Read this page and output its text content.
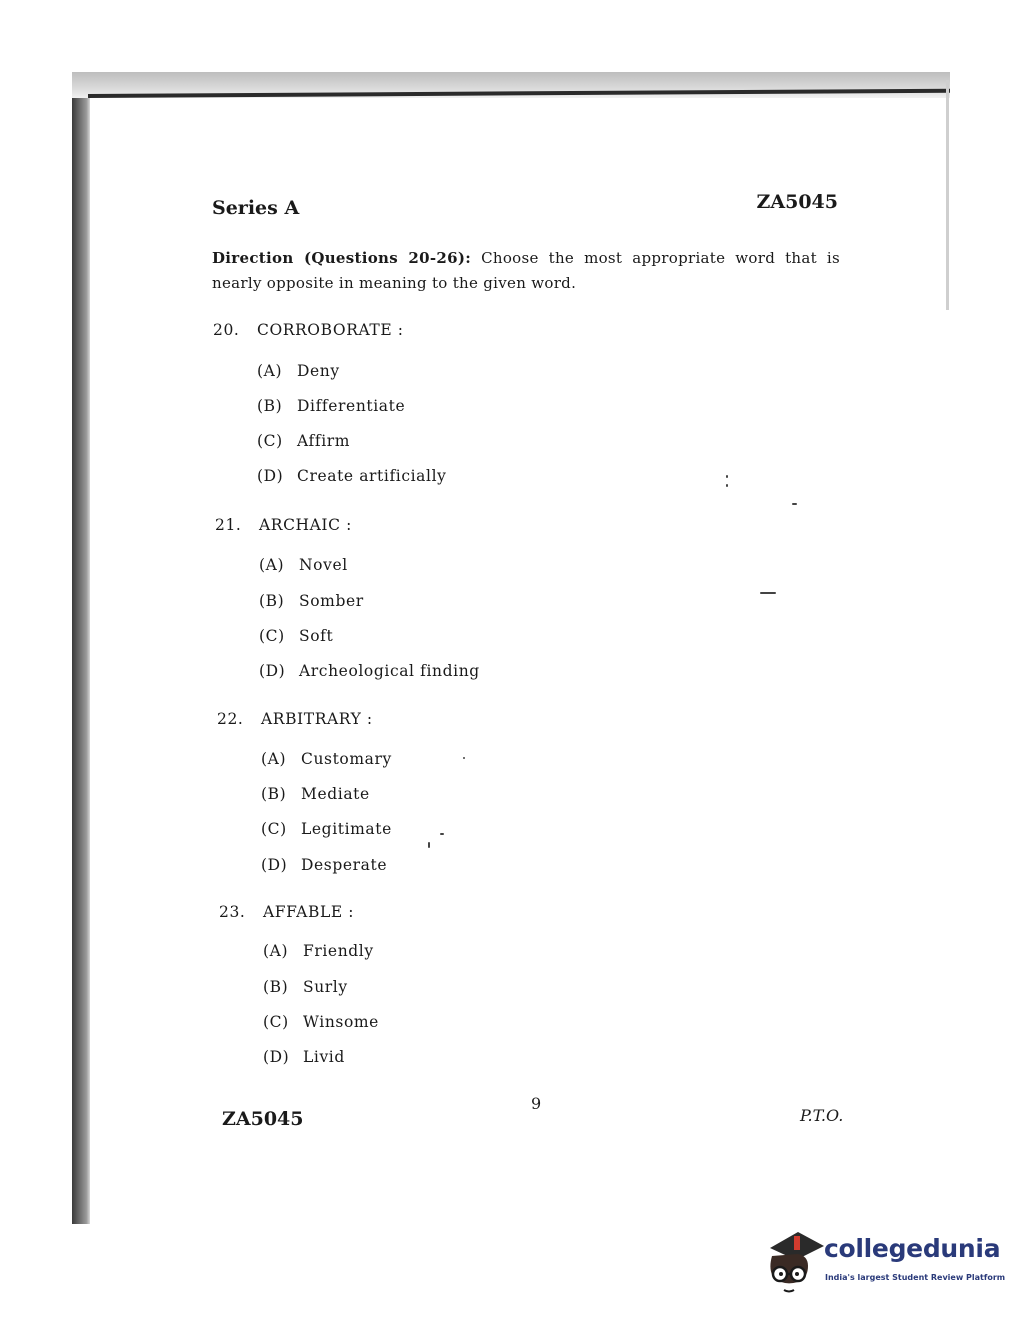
Series A	ZA5045
Direction (Questions 20-26): Choose the most appropriate word that is nearly opposite in meaning to the given word.
20. CORROBORATE :
(A) Deny
(B) Differentiate
(C) Affirm
(D) Create artificially
21. ARCHAIC :
(A) Novel
(B) Somber
(C) Soft
(D) Archeological finding
22. ARBITRARY :
(A) Customary
(B) Mediate
(C) Legitimate
(D) Desperate
23. AFFABLE :
(A) Friendly
(B) Surly
(C) Winsome
(D) Livid
ZA5045
9
P.T.O.
collegedunia
India's largest Student Review Platform
